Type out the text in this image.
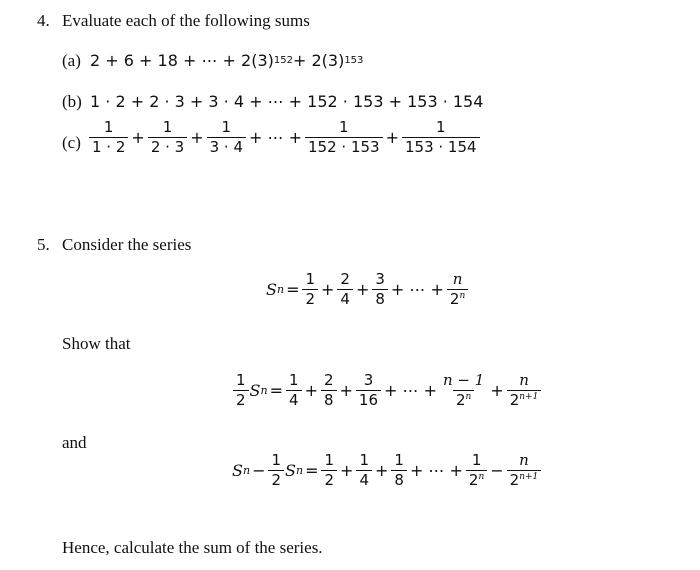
4. Evaluate each of the following sums
(a) 2 + 6 + 18 + ⋯ + 2(3) 152 + 2(3) 153
(b) 1 · 2 + 2 · 3 + 3 · 4 + ⋯ + 152 · 153 + 153 · 154
$(c) \frac{1}{1 \cdot 2} + \frac{1}{2 \cdot 3} + \frac{1}{3 \cdot 4}$ + ⋯ + $\frac{1}{152 \cdot 153} + \frac{1}{153 \cdot 154}$
5. Consider the series
S $n = \frac{1}{2} + \frac{2}{4} + \frac{3}{8}$ + ⋯ + $\frac{n}{2^n}$
Show that
$\frac{1}{2}$ S $n = \frac{1}{4} + \frac{2}{8} + \frac{3}{16}$ + ⋯ + $\frac{n - 1}{2^n} + \frac{n}{2^{n+1}}$
and
S $n - \frac{1}{2}$ S $n = \frac{1}{2} + \frac{1}{4} + \frac{1}{8}$ + ⋯ + $\frac{1}{2^n} - \frac{n}{2^{n+1}}$
Hence, calculate the sum of the series.
